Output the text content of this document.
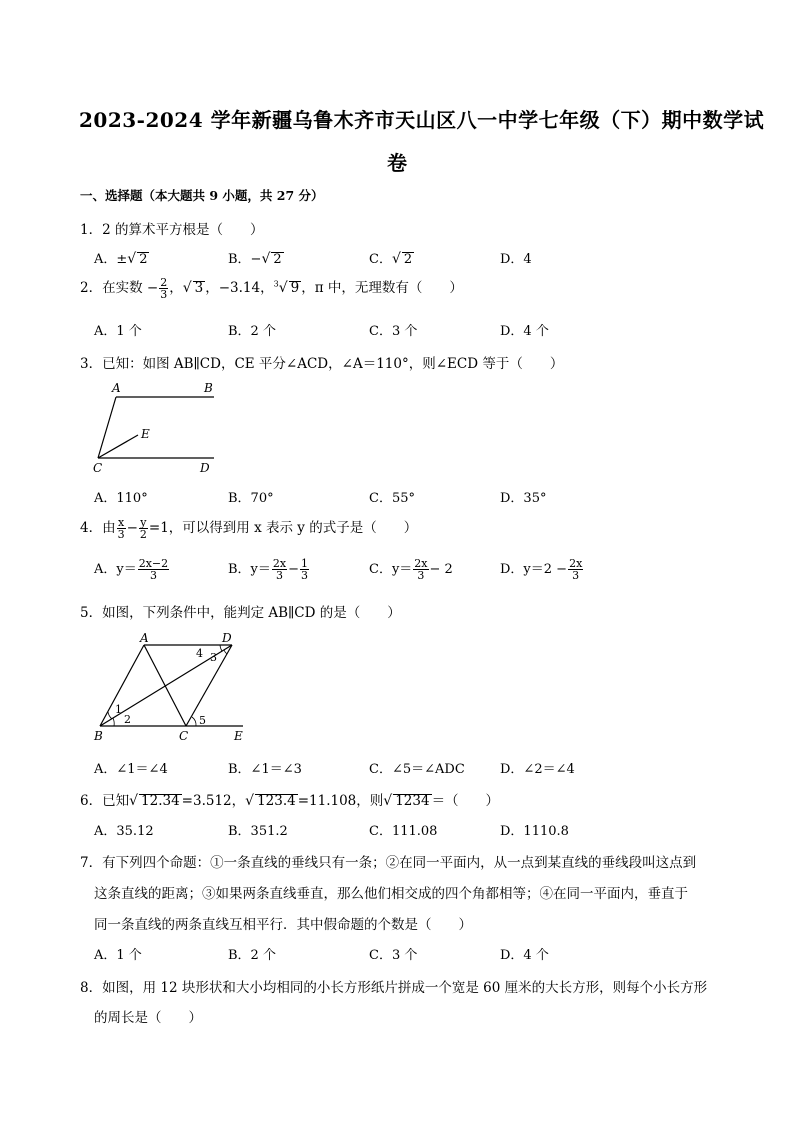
2023-2024 学年新疆乌鲁木齐市天山区八一中学七年级（下）期中数学试
卷
一、选择题（本大题共 9 小题，共 27 分）
1．2 的算术平方根是（　　）
A．±√ 2	B．−√ 2	C．√ 2	D．4
2．在实数 − $\frac{2}{3}$ ，√ 3 ，−3.14，$^3$√ 9 ，π 中，无理数有（　　）
A．1 个	B．2 个	C．3 个	D．4 个
3．已知：如图 AB∥CD，CE 平分∠ACD，∠A＝110°，则∠ECD 等于（　　）
A	B
E
C	D
A．110°	B．70°	C．55°	D．35°
4．由 $\frac{x}{3} - \frac{y}{2} =1$，可以得到用 x 表示 y 的式子是（　　）
A．$y= \frac{2x-2}{3}$	B．$y= \frac{2x}{3} - \frac{1}{3}$	C．$y= \frac{2x}{3} - 2$	D．$y=2 - \frac{2x}{3}$
5．如图，下列条件中，能判定 AB∥CD 的是（　　）
A	D
B	C	E
1
2
3
4
5
A．∠1＝∠4	B．∠1＝∠3	C．∠5＝∠ADC	D．∠2＝∠4
6．已知√ 12.34 =3.512，√ 123.4 =11.108，则√ 1234 ＝（　　）
A．35.12	B．351.2	C．111.08	D．1110.8
7．有下列四个命题：①一条直线的垂线只有一条；②在同一平面内，从一点到某直线的垂线段叫这点到
这条直线的距离；③如果两条直线垂直，那么他们相交成的四个角都相等；④在同一平面内，垂直于
同一条直线的两条直线互相平行．其中假命题的个数是（　　）
A．1 个	B．2 个	C．3 个	D．4 个
8．如图，用 12 块形状和大小均相同的小长方形纸片拼成一个宽是 60 厘米的大长方形，则每个小长方形
的周长是（　　）
